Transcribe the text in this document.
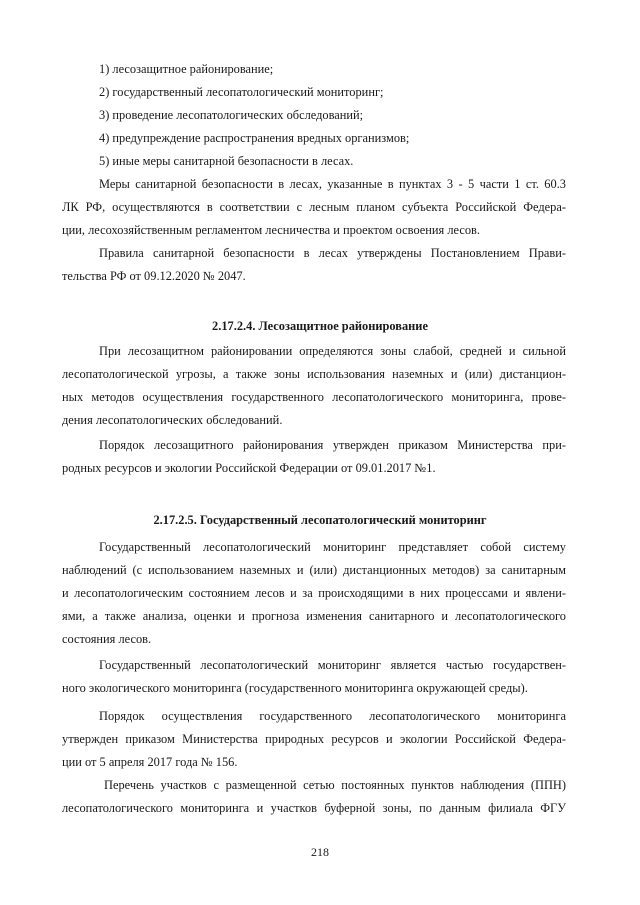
1) лесозащитное районирование;

2) государственный лесопатологический мониторинг;

3) проведение лесопатологических обследований;

4) предупреждение распространения вредных организмов;

5) иные меры санитарной безопасности в лесах.

Меры санитарной безопасности в лесах, указанные в пунктах 3 - 5 части 1 ст. 60.3

ЛК РФ, осуществляются в соответствии с лесным планом субъекта Российской Федера-

ции, лесохозяйственным регламентом лесничества и проектом освоения лесов.

Правила санитарной безопасности в лесах утверждены Постановлением Прави-

тельства РФ от 09.12.2020 № 2047.

2.17.2.4. Лесозащитное районирование

При лесозащитном районировании определяются зоны слабой, средней и сильной

лесопатологической угрозы, а также зоны использования наземных и (или) дистанцион-

ных методов осуществления государственного лесопатологического мониторинга, прове-

дения лесопатологических обследований.

Порядок лесозащитного районирования утвержден приказом Министерства при-

родных ресурсов и экологии Российской Федерации от 09.01.2017 №1.

2.17.2.5. Государственный лесопатологический мониторинг

Государственный лесопатологический мониторинг представляет собой систему

наблюдений (с использованием наземных и (или) дистанционных методов) за санитарным

и лесопатологическим состоянием лесов и за происходящими в них процессами и явлени-

ями, а также анализа, оценки и прогноза изменения санитарного и лесопатологического

состояния лесов.

Государственный лесопатологический мониторинг является частью государствен-

ного экологического мониторинга (государственного мониторинга окружающей среды).

Порядок осуществления государственного лесопатологического мониторинга

утвержден приказом Министерства природных ресурсов и экологии Российской Федера-

ции от 5 апреля 2017 года № 156.

Перечень участков с размещенной сетью постоянных пунктов наблюдения (ППН)

лесопатологического мониторинга и участков буферной зоны, по данным филиала ФГУ

218
